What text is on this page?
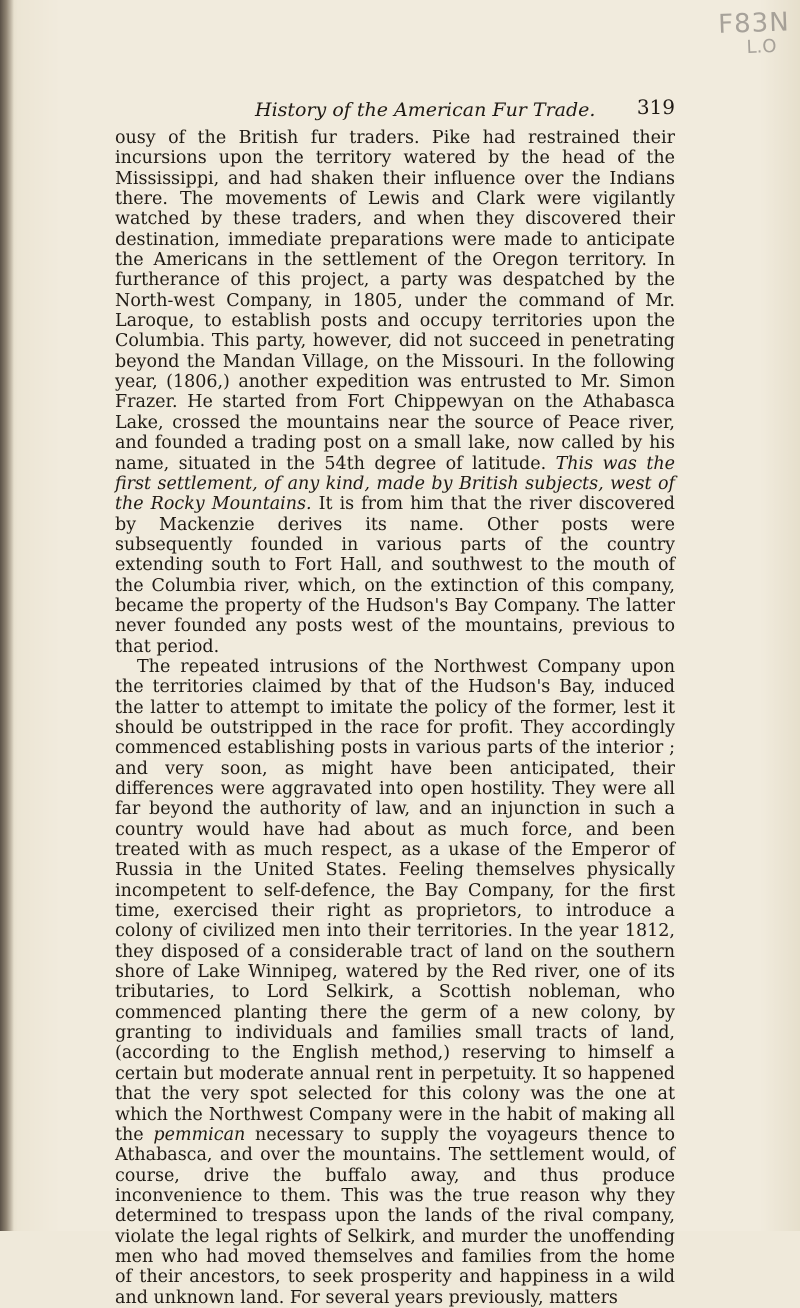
F83N
L.O
History of the American Fur Trade. 319

ousy of the British fur traders. Pike had restrained their incursions upon the territory watered by the head of the Mississippi, and had shaken their influence over the Indians there. The movements of Lewis and Clark were vigilantly watched by these traders, and when they discovered their destination, immediate preparations were made to anticipate the Americans in the settlement of the Oregon territory. In furtherance of this project, a party was despatched by the North-west Company, in 1805, under the command of Mr. Laroque, to establish posts and occupy territories upon the Columbia. This party, however, did not succeed in penetrating beyond the Mandan Village, on the Missouri. In the following year, (1806,) another expedition was entrusted to Mr. Simon Frazer. He started from Fort Chippewyan on the Athabasca Lake, crossed the mountains near the source of Peace river, and founded a trading post on a small lake, now called by his name, situated in the 54th degree of latitude. This was the first settlement, of any kind, made by British subjects, west of the Rocky Mountains. It is from him that the river discovered by Mackenzie derives its name. Other posts were subsequently founded in various parts of the country extending south to Fort Hall, and southwest to the mouth of the Columbia river, which, on the extinction of this company, became the property of the Hudson's Bay Company. The latter never founded any posts west of the mountains, previous to that period.

The repeated intrusions of the Northwest Company upon the territories claimed by that of the Hudson's Bay, induced the latter to attempt to imitate the policy of the former, lest it should be outstripped in the race for profit. They accordingly commenced establishing posts in various parts of the interior ; and very soon, as might have been anticipated, their differences were aggravated into open hostility. They were all far beyond the authority of law, and an injunction in such a country would have had about as much force, and been treated with as much respect, as a ukase of the Emperor of Russia in the United States. Feeling themselves physically incompetent to self-defence, the Bay Company, for the first time, exercised their right as proprietors, to introduce a colony of civilized men into their territories. In the year 1812, they disposed of a considerable tract of land on the southern shore of Lake Winnipeg, watered by the Red river, one of its tributaries, to Lord Selkirk, a Scottish nobleman, who commenced planting there the germ of a new colony, by granting to individuals and families small tracts of land, (according to the English method,) reserving to himself a certain but moderate annual rent in perpetuity. It so happened that the very spot selected for this colony was the one at which the Northwest Company were in the habit of making all the pemmican necessary to supply the voyageurs thence to Athabasca, and over the mountains. The settlement would, of course, drive the buffalo away, and thus produce inconvenience to them. This was the true reason why they determined to trespass upon the lands of the rival company, violate the legal rights of Selkirk, and murder the unoffending men who had moved themselves and families from the home of their ancestors, to seek prosperity and happiness in a wild and unknown land. For several years previously, matters
